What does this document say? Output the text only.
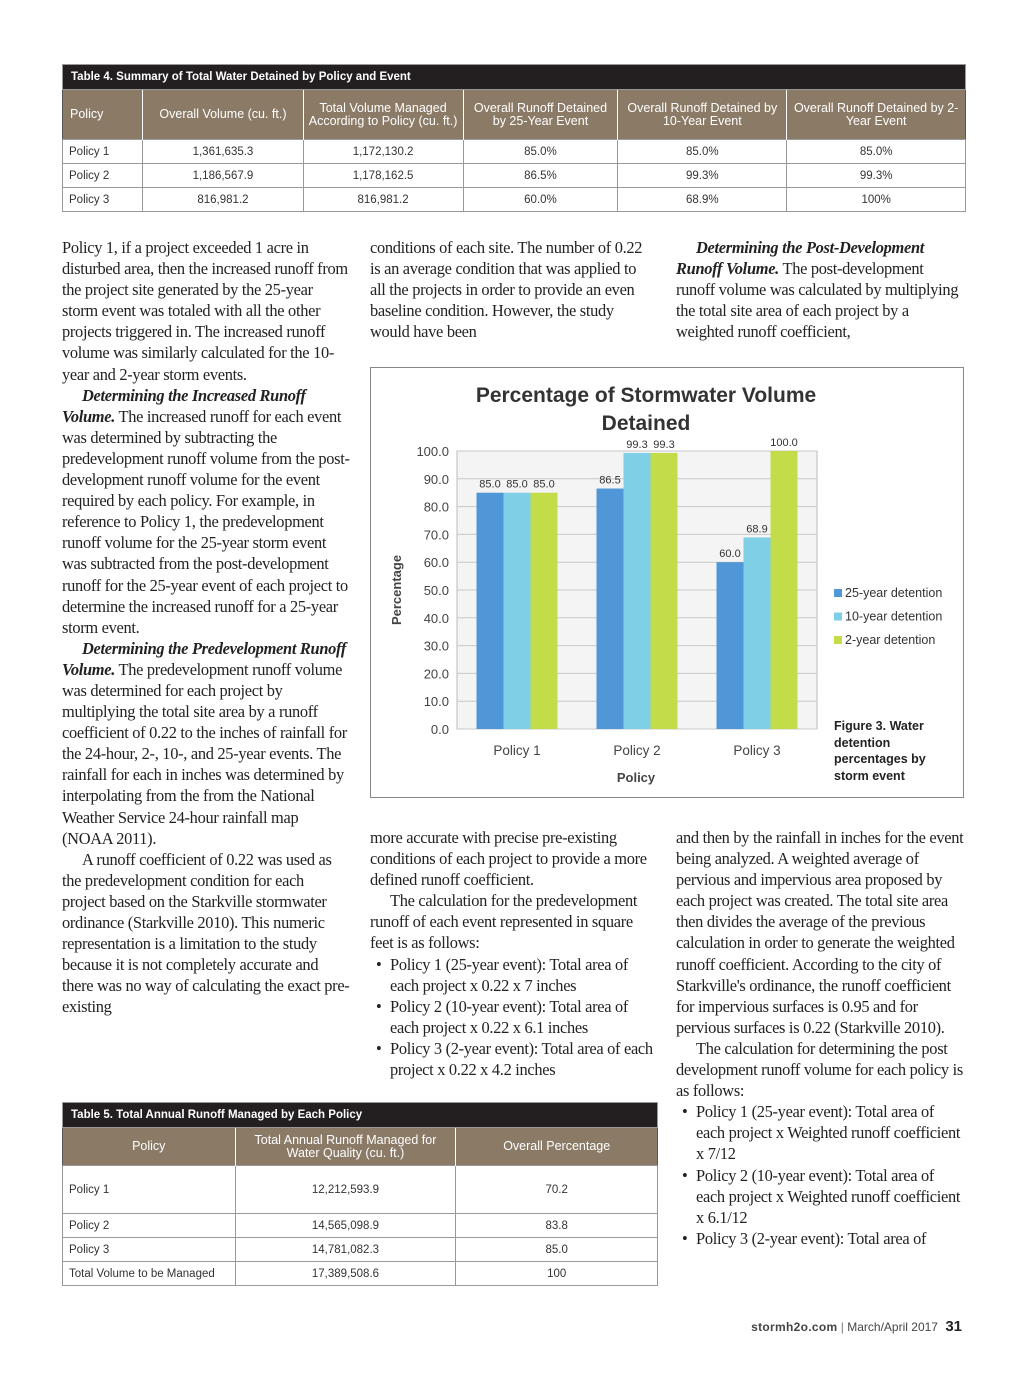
Table 4. Summary of Total Water Detained by Policy and Event					
Policy	Overall Volume (cu. ft.)	Total Volume Managed According to Policy (cu. ft.)	Overall Runoff Detained by 25-Year Event	Overall Runoff Detained by 10-Year Event	Overall Runoff Detained by 2-Year Event
Policy 1	1,361,635.3	1,172,130.2	85.0%	85.0%	85.0%
Policy 2	1,186,567.9	1,178,162.5	86.5%	99.3%	99.3%
Policy 3	816,981.2	816,981.2	60.0%	68.9%	100%

Policy 1, if a project exceeded 1 acre in disturbed area, then the increased runoff from the project site generated by the 25-year storm event was totaled with all the other projects triggered in. The increased runoff volume was similarly calculated for the 10-year and 2-year storm events.

Determining the Increased Runoff Volume. The increased runoff for each event was determined by subtracting the predevelopment runoff volume from the post-development runoff volume for the event required by each policy. For example, in reference to Policy 1, the predevelopment runoff volume for the 25-year storm event was subtracted from the post-development runoff for the 25-year event of each project to determine the increased runoff for a 25-year storm event.

Determining the Predevelopment Runoff Volume. The predevelopment runoff volume was determined for each project by multiplying the total site area by a runoff coefficient of 0.22 to the inches of rainfall for the 24-hour, 2-, 10-, and 25-year events. The rainfall for each in inches was determined by interpolating from the from the National Weather Service 24-hour rainfall map (NOAA 2011).

A runoff coefficient of 0.22 was used as the predevelopment condition for each project based on the Starkville stormwater ordinance (Starkville 2010). This numeric representation is a limitation to the study because it is not completely accurate and there was no way of calculating the exact pre-existing

conditions of each site. The number of 0.22 is an average condition that was applied to all the projects in order to provide an even baseline condition. However, the study would have been

Determining the Post-Development Runoff Volume. The post-development runoff volume was calculated by multiplying the total site area of each project by a weighted runoff coefficient,

Percentage of Stormwater Volume
Detained
0.0
10.0
20.0
30.0
40.0
50.0
60.0
70.0
80.0
90.0
100.0
85.0 85.0 85.0	86.5
99.3 99.3
60.0
68.9
100.0
Policy 1	Policy 2	Policy 3
Percentage
Policy
25-year detention
10-year detention
2-year detention
Figure 3. Water detention percentages by storm event

more accurate with precise pre-existing conditions of each project to provide a more defined runoff coefficient.

The calculation for the predevelopment runoff of each event represented in square feet is as follows:

• Policy 1 (25-year event): Total area of each project x 0.22 x 7 inches
• Policy 2 (10-year event): Total area of each project x 0.22 x 6.1 inches
• Policy 3 (2-year event): Total area of each project x 0.22 x 4.2 inches

and then by the rainfall in inches for the event being analyzed. A weighted average of pervious and impervious area proposed by each project was created. The total site area then divides the average of the previous calculation in order to generate the weighted runoff coefficient. According to the city of Starkville's ordinance, the runoff coefficient for impervious surfaces is 0.95 and for pervious surfaces is 0.22 (Starkville 2010).

The calculation for determining the post development runoff volume for each policy is as follows:

• Policy 1 (25-year event): Total area of each project x Weighted runoff coefficient x 7/12
• Policy 2 (10-year event): Total area of each project x Weighted runoff coefficient x 6.1/12
• Policy 3 (2-year event): Total area of
Table 5. Total Annual Runoff Managed by Each Policy		
Policy	Total Annual Runoff Managed for Water Quality (cu. ft.)	Overall Percentage
Policy 1	12,212,593.9	70.2
Policy 2	14,565,098.9	83.8
Policy 3	14,781,082.3	85.0
Total Volume to be Managed	17,389,508.6	100
stormh2o.com | March/April 2017 31
